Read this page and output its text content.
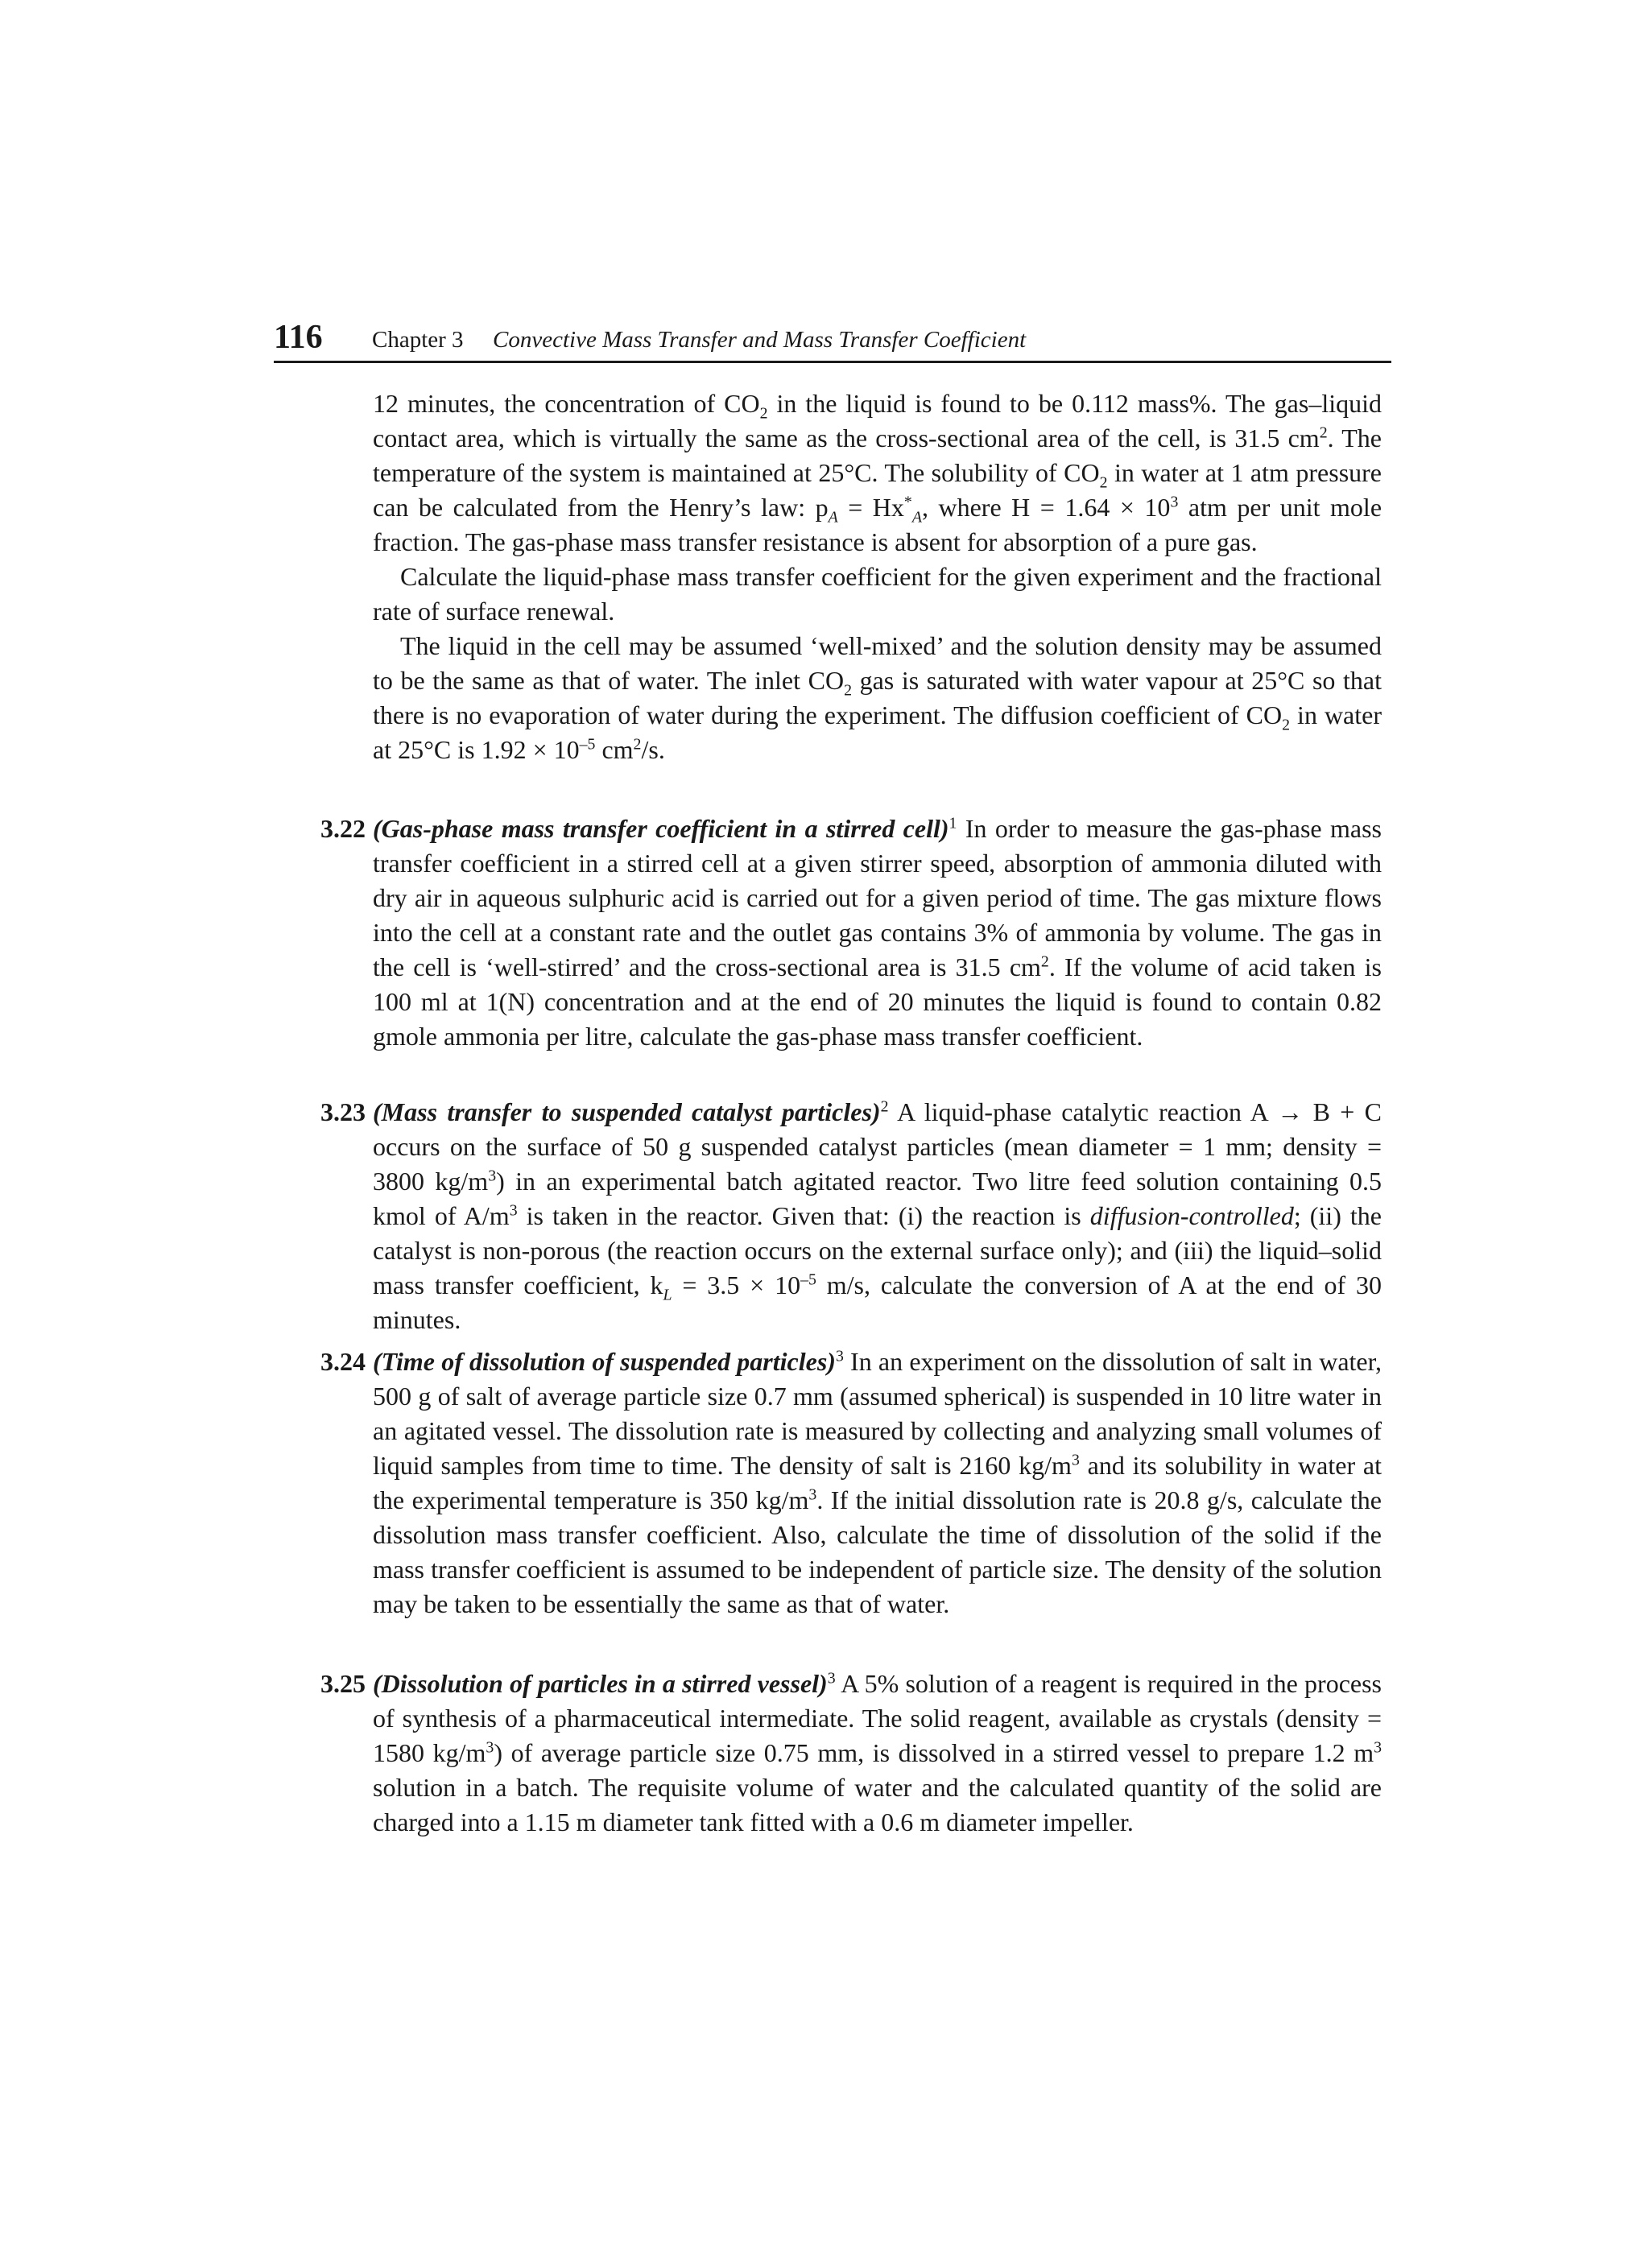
116 Chapter 3 Convective Mass Transfer and Mass Transfer Coefficient

12 minutes, the concentration of $CO_2$ in the liquid is found to be 0.112 mass%. The gas–liquid contact area, which is virtually the same as the cross-sectional area of the cell, is 31.5 $cm^2$. The temperature of the system is maintained at 25°C. The solubility of $CO_2$ in water at 1 atm pressure can be calculated from the Henry’s law: $p_A = Hx^*_A$, where $H = 1.64 \times 10^3$ atm per unit mole fraction. The gas-phase mass transfer resistance is absent for absorption of a pure gas.

Calculate the liquid-phase mass transfer coefficient for the given experiment and the fractional rate of surface renewal.

The liquid in the cell may be assumed ‘well-mixed’ and the solution density may be assumed to be the same as that of water. The inlet $CO_2$ gas is saturated with water vapour at 25°C so that there is no evaporation of water during the experiment. The diffusion coefficient of $CO_2$ in water at 25°C is $1.92 \times 10^{-5}$ $cm^2/s$.

3.22 (Gas-phase mass transfer coefficient in a stirred cell)$^1$ In order to measure the gas-phase mass transfer coefficient in a stirred cell at a given stirrer speed, absorption of ammonia diluted with dry air in aqueous sulphuric acid is carried out for a given period of time. The gas mixture flows into the cell at a constant rate and the outlet gas contains 3% of ammonia by volume. The gas in the cell is ‘well-stirred’ and the cross-sectional area is 31.5 $cm^2$. If the volume of acid taken is 100 ml at 1(N) concentration and at the end of 20 minutes the liquid is found to contain 0.82 gmole ammonia per litre, calculate the gas-phase mass transfer coefficient.
3.23 (Mass transfer to suspended catalyst particles)$^2$ A liquid-phase catalytic reaction A → B + C occurs on the surface of 50 g suspended catalyst particles (mean diameter = 1 mm; density = 3800 $kg/m^3$) in an experimental batch agitated reactor. Two litre feed solution containing 0.5 kmol of $A/m^3$ is taken in the reactor. Given that: (i) the reaction is diffusion-controlled; (ii) the catalyst is non-porous (the reaction occurs on the external surface only); and (iii) the liquid–solid mass transfer coefficient, $k_L = 3.5 \times 10^{-5}$ m/s, calculate the conversion of A at the end of 30 minutes.
3.24 (Time of dissolution of suspended particles)$^3$ In an experiment on the dissolution of salt in water, 500 g of salt of average particle size 0.7 mm (assumed spherical) is suspended in 10 litre water in an agitated vessel. The dissolution rate is measured by collecting and analyzing small volumes of liquid samples from time to time. The density of salt is 2160 $kg/m^3$ and its solubility in water at the experimental temperature is 350 $kg/m^3$. If the initial dissolution rate is 20.8 g/s, calculate the dissolution mass transfer coefficient. Also, calculate the time of dissolution of the solid if the mass transfer coefficient is assumed to be independent of particle size. The density of the solution may be taken to be essentially the same as that of water.
3.25 (Dissolution of particles in a stirred vessel)$^3$ A 5% solution of a reagent is required in the process of synthesis of a pharmaceutical intermediate. The solid reagent, available as crystals (density = 1580 $kg/m^3$) of average particle size 0.75 mm, is dissolved in a stirred vessel to prepare 1.2 $m^3$ solution in a batch. The requisite volume of water and the calculated quantity of the solid are charged into a 1.15 m diameter tank fitted with a 0.6 m diameter impeller.
